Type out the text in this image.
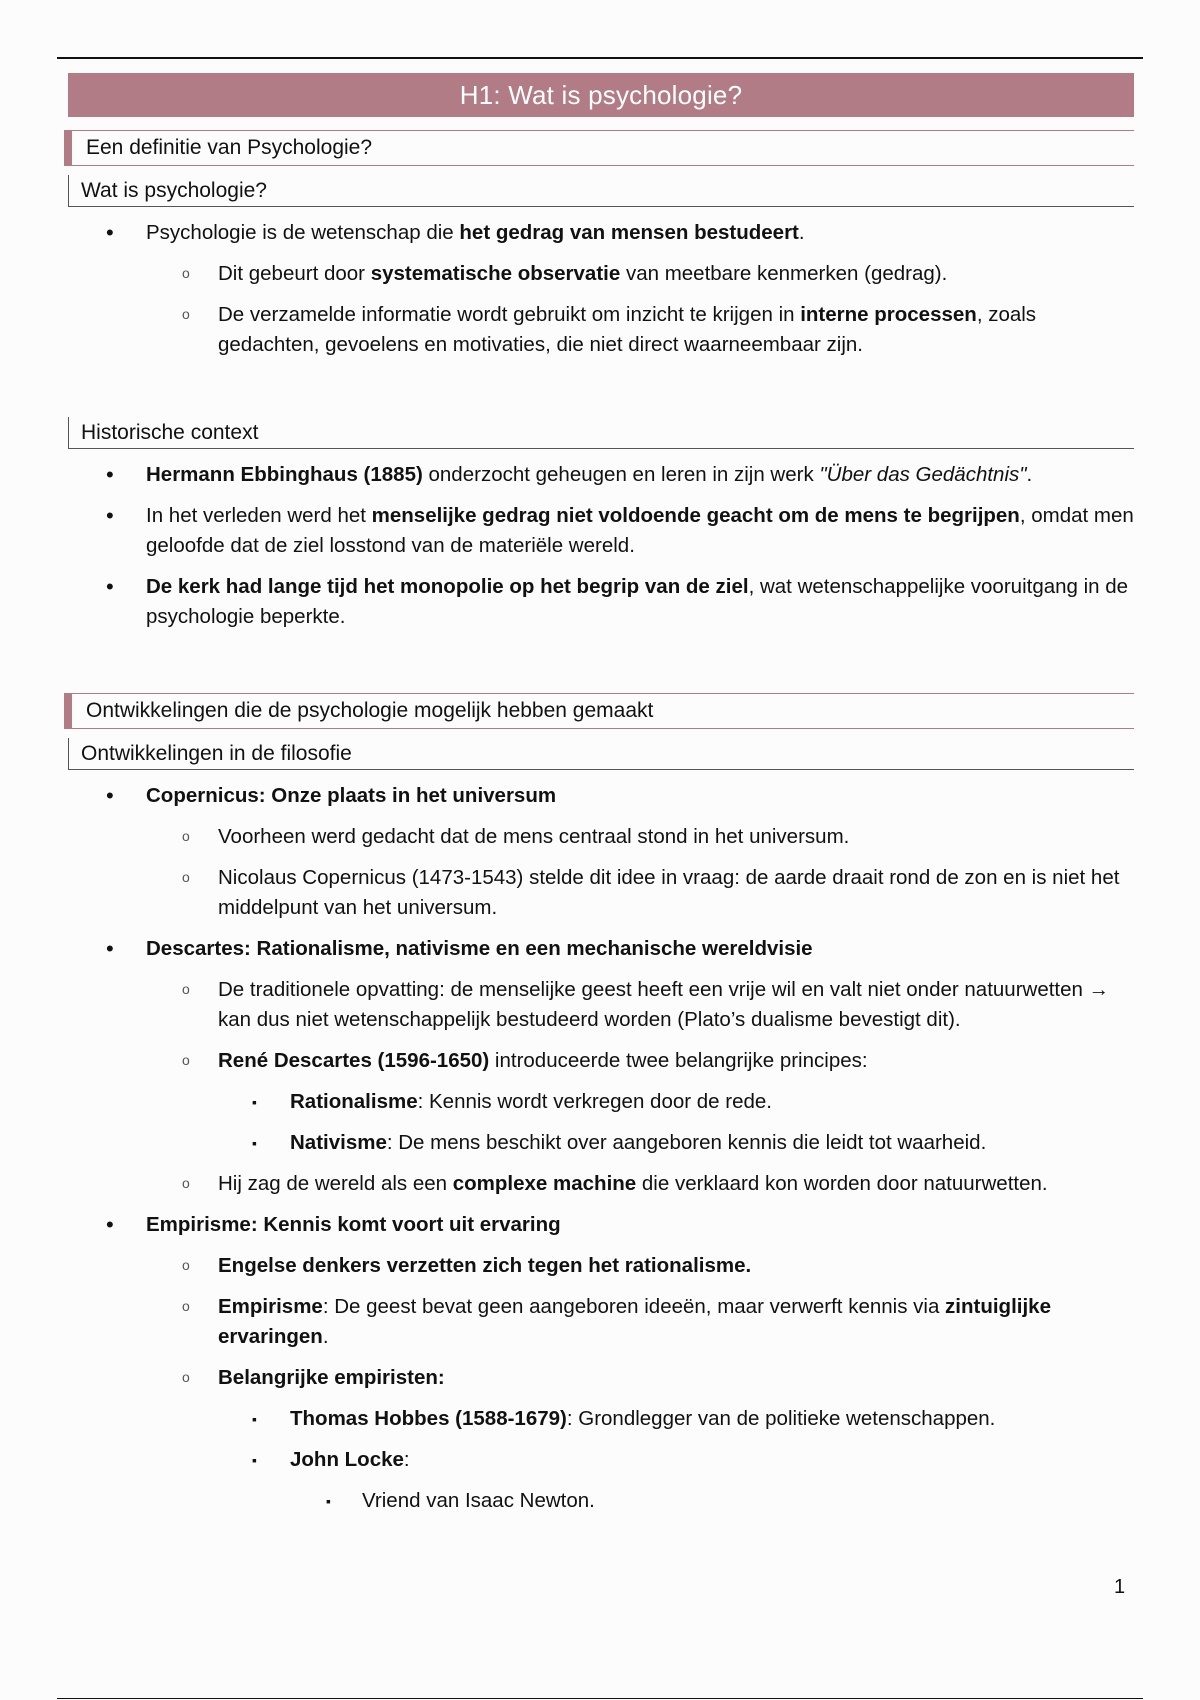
H1: Wat is psychologie?
Een definitie van Psychologie?
Wat is psychologie?
• Psychologie is de wetenschap die het gedrag van mensen bestudeert.
o Dit gebeurt door systematische observatie van meetbare kenmerken (gedrag).
o De verzamelde informatie wordt gebruikt om inzicht te krijgen in interne processen, zoals gedachten, gevoelens en motivaties, die niet direct waarneembaar zijn.
Historische context
• Hermann Ebbinghaus (1885) onderzocht geheugen en leren in zijn werk "Über das Gedächtnis".
• In het verleden werd het menselijke gedrag niet voldoende geacht om de mens te begrijpen, omdat men geloofde dat de ziel losstond van de materiële wereld.
• De kerk had lange tijd het monopolie op het begrip van de ziel, wat wetenschappelijke vooruitgang in de psychologie beperkte.
Ontwikkelingen die de psychologie mogelijk hebben gemaakt
Ontwikkelingen in de filosofie
• Copernicus: Onze plaats in het universum
o Voorheen werd gedacht dat de mens centraal stond in het universum.
o Nicolaus Copernicus (1473-1543) stelde dit idee in vraag: de aarde draait rond de zon en is niet het middelpunt van het universum.
• Descartes: Rationalisme, nativisme en een mechanische wereldvisie
o De traditionele opvatting: de menselijke geest heeft een vrije wil en valt niet onder natuurwetten → kan dus niet wetenschappelijk bestudeerd worden (Plato’s dualisme bevestigt dit).
o René Descartes (1596-1650) introduceerde twee belangrijke principes:
▪ Rationalisme: Kennis wordt verkregen door de rede.
▪ Nativisme: De mens beschikt over aangeboren kennis die leidt tot waarheid.
o Hij zag de wereld als een complexe machine die verklaard kon worden door natuurwetten.
• Empirisme: Kennis komt voort uit ervaring
o Engelse denkers verzetten zich tegen het rationalisme.
o Empirisme: De geest bevat geen aangeboren ideeën, maar verwerft kennis via zintuiglijke ervaringen.
o Belangrijke empiristen:
▪ Thomas Hobbes (1588-1679): Grondlegger van de politieke wetenschappen.
▪ John Locke:
▪ Vriend van Isaac Newton.
1
